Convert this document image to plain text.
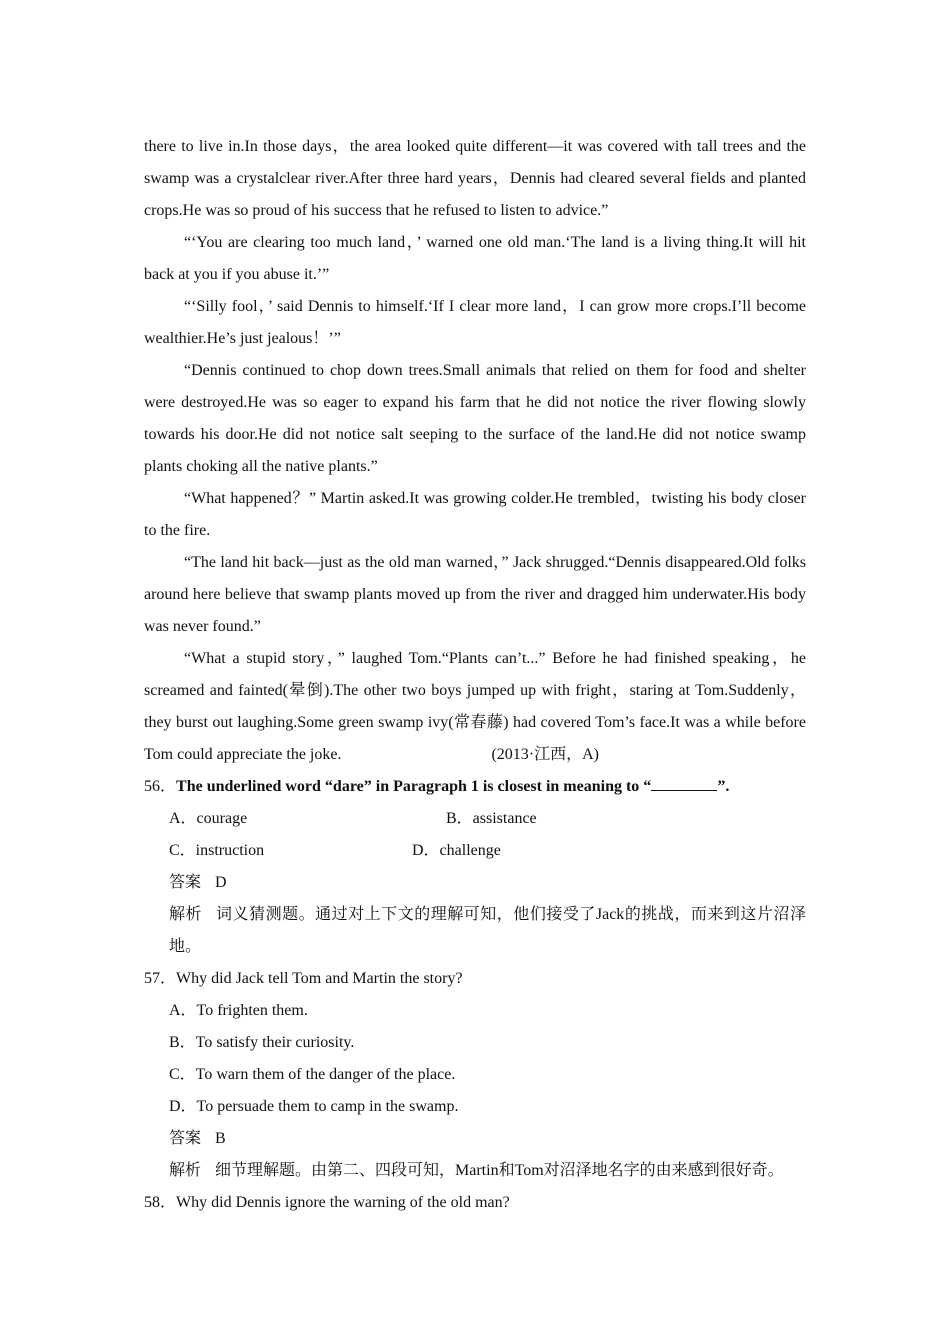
there to live in.In those days，the area looked quite different—it was covered with tall trees and the swamp was a crystalclear river.After three hard years，Dennis had cleared several fields and planted crops.He was so proud of his success that he refused to listen to advice.”

“‘You are clearing too much land，’ warned one old man.‘The land is a living thing.It will hit back at you if you abuse it.’”

“‘Silly fool，’ said Dennis to himself.‘If I clear more land，I can grow more crops.I’ll become wealthier.He’s just jealous！’”

“Dennis continued to chop down trees.Small animals that relied on them for food and shelter were destroyed.He was so eager to expand his farm that he did not notice the river flowing slowly towards his door.He did not notice salt seeping to the surface of the land.He did not notice swamp plants choking all the native plants.”

“What happened？” Martin asked.It was growing colder.He trembled，twisting his body closer to the fire.

“The land hit back—just as the old man warned，” Jack shrugged.“Dennis disappeared.Old folks around here believe that swamp plants moved up from the river and dragged him underwater.His body was never found.”

“What a stupid story，” laughed Tom.“Plants can’t...” Before he had finished speaking，he screamed and fainted(晕倒).The other two boys jumped up with fright，staring at Tom.Suddenly，they burst out laughing.Some green swamp ivy(常春藤) had covered Tom’s face.It was a while before Tom could appreciate the joke.	(2013·江西，A)

56．The underlined word “dare” in Paragraph 1 is closest in meaning to “	”.

A．courage	B．assistance
C．instruction	D．challenge

答案 D

解析 词义猜测题。通过对上下文的理解可知，他们接受了Jack的挑战，而来到这片沼泽地。

57．Why did Jack tell Tom and Martin the story?

A．To frighten them.

B．To satisfy their curiosity.

C．To warn them of the danger of the place.

D．To persuade them to camp in the swamp.

答案 B

解析 细节理解题。由第二、四段可知，Martin和Tom对沼泽地名字的由来感到很好奇。

58．Why did Dennis ignore the warning of the old man?
